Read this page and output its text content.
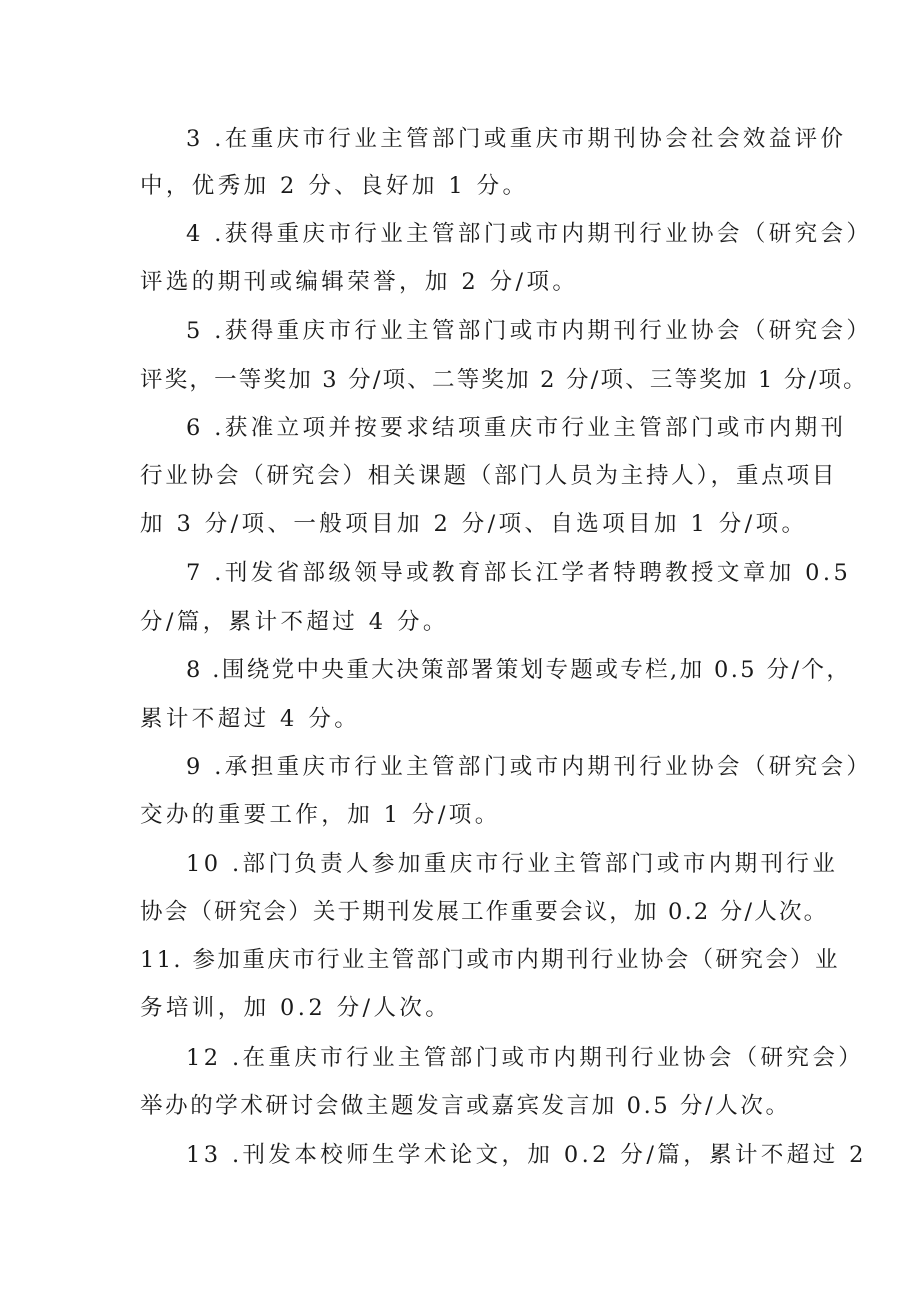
3 .在重庆市行业主管部门或重庆市期刊协会社会效益评价
中，优秀加 2 分、良好加 1 分。
4 .获得重庆市行业主管部门或市内期刊行业协会（研究会）
评选的期刊或编辑荣誉，加 2 分/项。
5 .获得重庆市行业主管部门或市内期刊行业协会（研究会）
评奖，一等奖加 3 分/项、二等奖加 2 分/项、三等奖加 1 分/项。
6 .获准立项并按要求结项重庆市行业主管部门或市内期刊
行业协会（研究会）相关课题（部门人员为主持人），重点项目
加 3 分/项、一般项目加 2 分/项、自选项目加 1 分/项。
7 .刊发省部级领导或教育部长江学者特聘教授文章加 0.5
分/篇，累计不超过 4 分。
8 .围绕党中央重大决策部署策划专题或专栏,加 0.5 分/个，
累计不超过 4 分。
9 .承担重庆市行业主管部门或市内期刊行业协会（研究会）
交办的重要工作，加 1 分/项。
10 .部门负责人参加重庆市行业主管部门或市内期刊行业
协会（研究会）关于期刊发展工作重要会议，加 0.2 分/人次。
11. 参加重庆市行业主管部门或市内期刊行业协会（研究会）业
务培训，加 0.2 分/人次。
12 .在重庆市行业主管部门或市内期刊行业协会（研究会）
举办的学术研讨会做主题发言或嘉宾发言加 0.5 分/人次。
13 .刊发本校师生学术论文，加 0.2 分/篇，累计不超过 2
